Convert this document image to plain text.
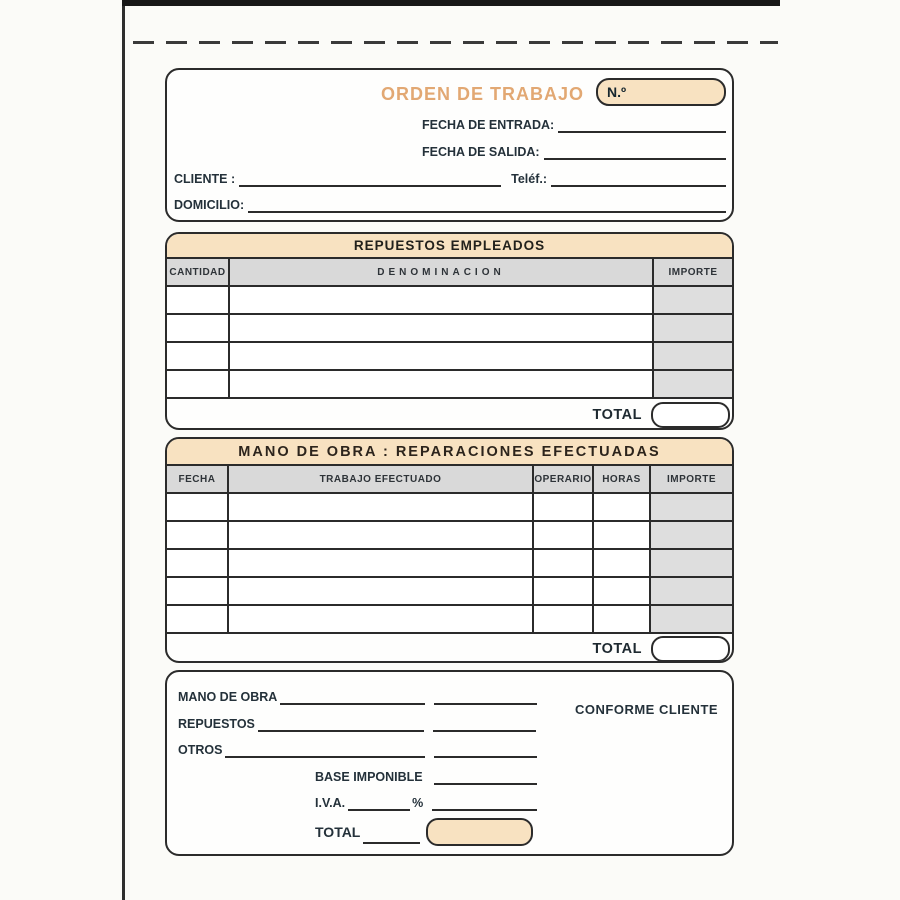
ORDEN DE TRABAJO N.º
FECHA DE ENTRADA:
FECHA DE SALIDA:
CLIENTE :	Teléf.:
DOMICILIO:
REPUESTOS EMPLEADOS
CANTIDAD	DENOMINACION	IMPORTE

TOTAL
MANO DE OBRA : REPARACIONES EFECTUADAS
FECHA	TRABAJO EFECTUADO	OPERARIO	HORAS	IMPORTE

TOTAL
MANO DE OBRA
REPUESTOS
OTROS
BASE IMPONIBLE
I.V.A.	%
TOTAL
CONFORME CLIENTE
